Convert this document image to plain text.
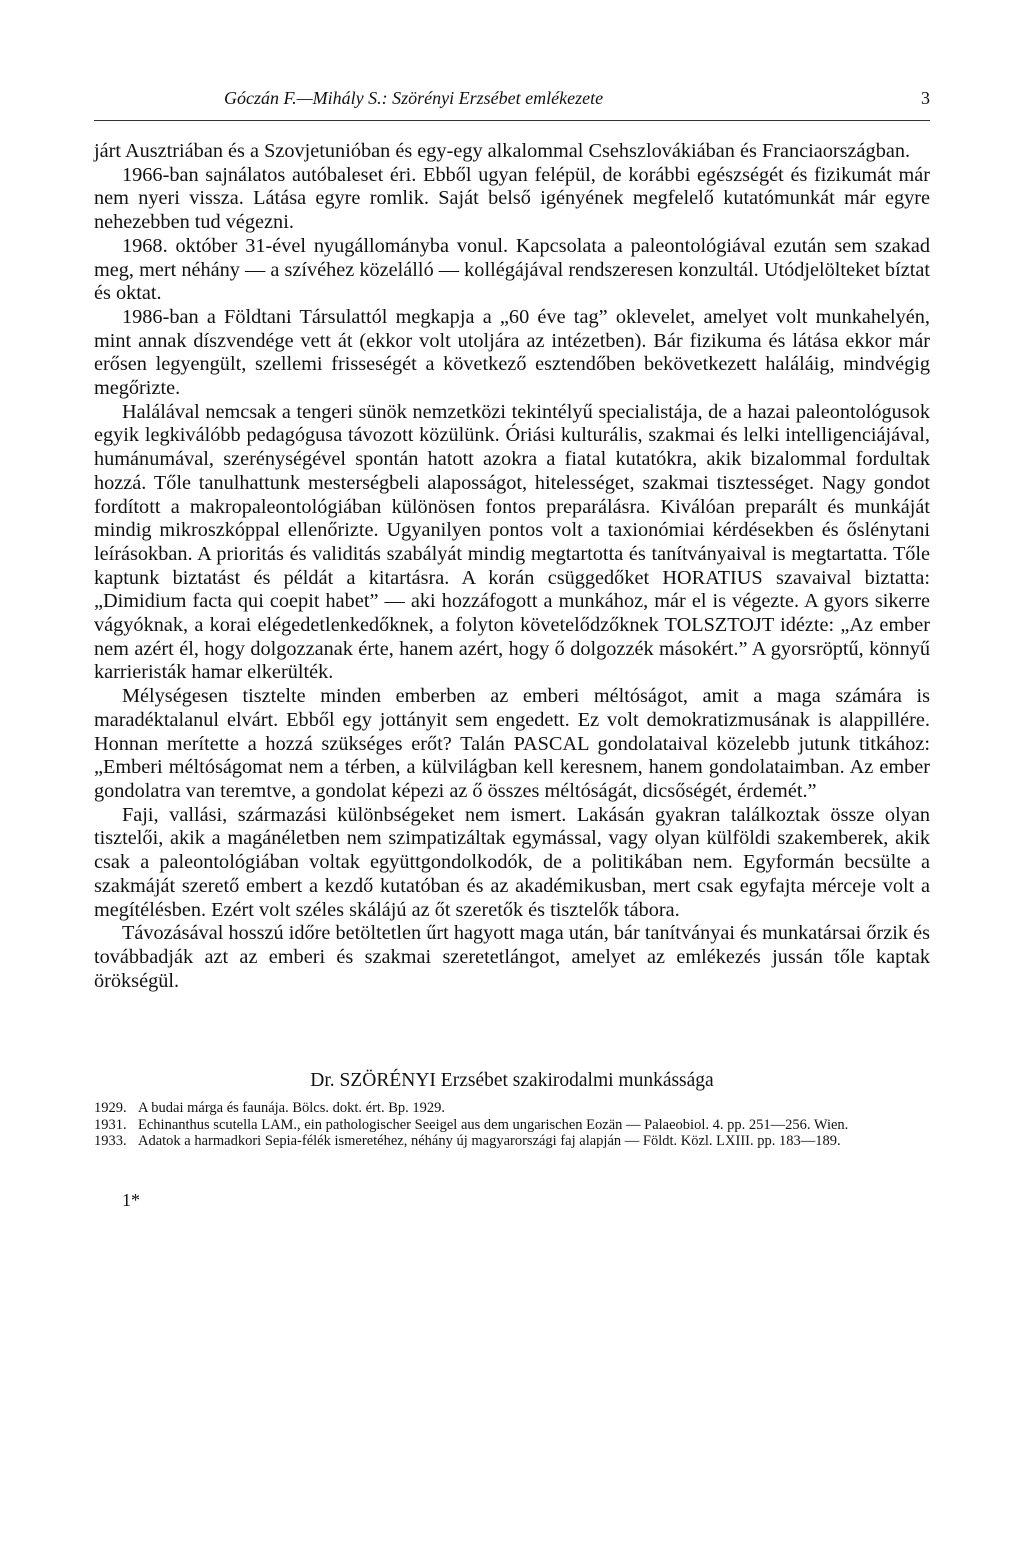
Góczán F.—Mihály S.: Szörényi Erzsébet emlékezete	3

járt Ausztriában és a Szovjetunióban és egy-egy alkalommal Csehszlovákiában és Franciaországban.

1966-ban sajnálatos autóbaleset éri. Ebből ugyan felépül, de korábbi egészségét és fizikumát már nem nyeri vissza. Látása egyre romlik. Saját belső igényének megfelelő kutatómunkát már egyre nehezebben tud végezni.

1968. október 31-ével nyugállományba vonul. Kapcsolata a paleontológiával ezután sem szakad meg, mert néhány — a szívéhez közelálló — kollégájával rendszeresen konzultál. Utódjelölteket bíztat és oktat.

1986-ban a Földtani Társulattól megkapja a „60 éve tag” oklevelet, amelyet volt munkahelyén, mint annak díszvendége vett át (ekkor volt utoljára az intézetben). Bár fizikuma és látása ekkor már erősen legyengült, szellemi frisseségét a következő esztendőben bekövetkezett haláláig, mindvégig megőrizte.

Halálával nemcsak a tengeri sünök nemzetközi tekintélyű specialistája, de a hazai paleontológusok egyik legkiválóbb pedagógusa távozott közülünk. Óriási kulturális, szakmai és lelki intelligenciájával, humánumával, szerénységével spontán hatott azokra a fiatal kutatókra, akik bizalommal fordultak hozzá. Tőle tanulhattunk mesterségbeli alaposságot, hitelességet, szakmai tisztességet. Nagy gondot fordított a makropaleontológiában különösen fontos preparálásra. Kiválóan preparált és munkáját mindig mikroszkóppal ellenőrizte. Ugyanilyen pontos volt a taxionómiai kérdésekben és őslénytani leírásokban. A prioritás és validitás szabályát mindig megtartotta és tanítványaival is megtartatta. Tőle kaptunk biztatást és példát a kitartásra. A korán csüggedőket HORATIUS szavaival biztatta: „Dimidium facta qui coepit habet” — aki hozzáfogott a munkához, már el is végezte. A gyors sikerre vágyóknak, a korai elégedetlenkedőknek, a folyton követelődzőknek TOLSZTOJT idézte: „Az ember nem azért él, hogy dolgozzanak érte, hanem azért, hogy ő dolgozzék másokért.” A gyorsröptű, könnyű karrieristák hamar elkerülték.

Mélységesen tisztelte minden emberben az emberi méltóságot, amit a maga számára is maradéktalanul elvárt. Ebből egy jottányit sem engedett. Ez volt demokratizmusának is alappillére. Honnan merítette a hozzá szükséges erőt? Talán PASCAL gondolataival közelebb jutunk titkához: „Emberi méltóságomat nem a térben, a külvilágban kell keresnem, hanem gondolataimban. Az ember gondolatra van teremtve, a gondolat képezi az ő összes méltóságát, dicsőségét, érdemét.”

Faji, vallási, származási különbségeket nem ismert. Lakásán gyakran találkoztak össze olyan tisztelői, akik a magánéletben nem szimpatizáltak egymással, vagy olyan külföldi szakemberek, akik csak a paleontológiában voltak együttgondolkodók, de a politikában nem. Egyformán becsülte a szakmáját szerető embert a kezdő kutatóban és az akadémikusban, mert csak egyfajta mérceje volt a megítélésben. Ezért volt széles skálájú az őt szeretők és tisztelők tábora.

Távozásával hosszú időre betöltetlen űrt hagyott maga után, bár tanítványai és munkatársai őrzik és továbbadják azt az emberi és szakmai szeretetlángot, amelyet az emlékezés jussán tőle kaptak örökségül.

Dr. SZÖRÉNYI Erzsébet szakirodalmi munkássága
1929. A budai márga és faunája. Bölcs. dokt. ért. Bp. 1929.
1931. Echinanthus scutella LAM., ein pathologischer Seeigel aus dem ungarischen Eozän — Palaeobiol. 4. pp. 251—256. Wien.
1933. Adatok a harmadkori Sepia-félék ismeretéhez, néhány új magyarországi faj alapján — Földt. Közl. LXIII. pp. 183—189.
1*
